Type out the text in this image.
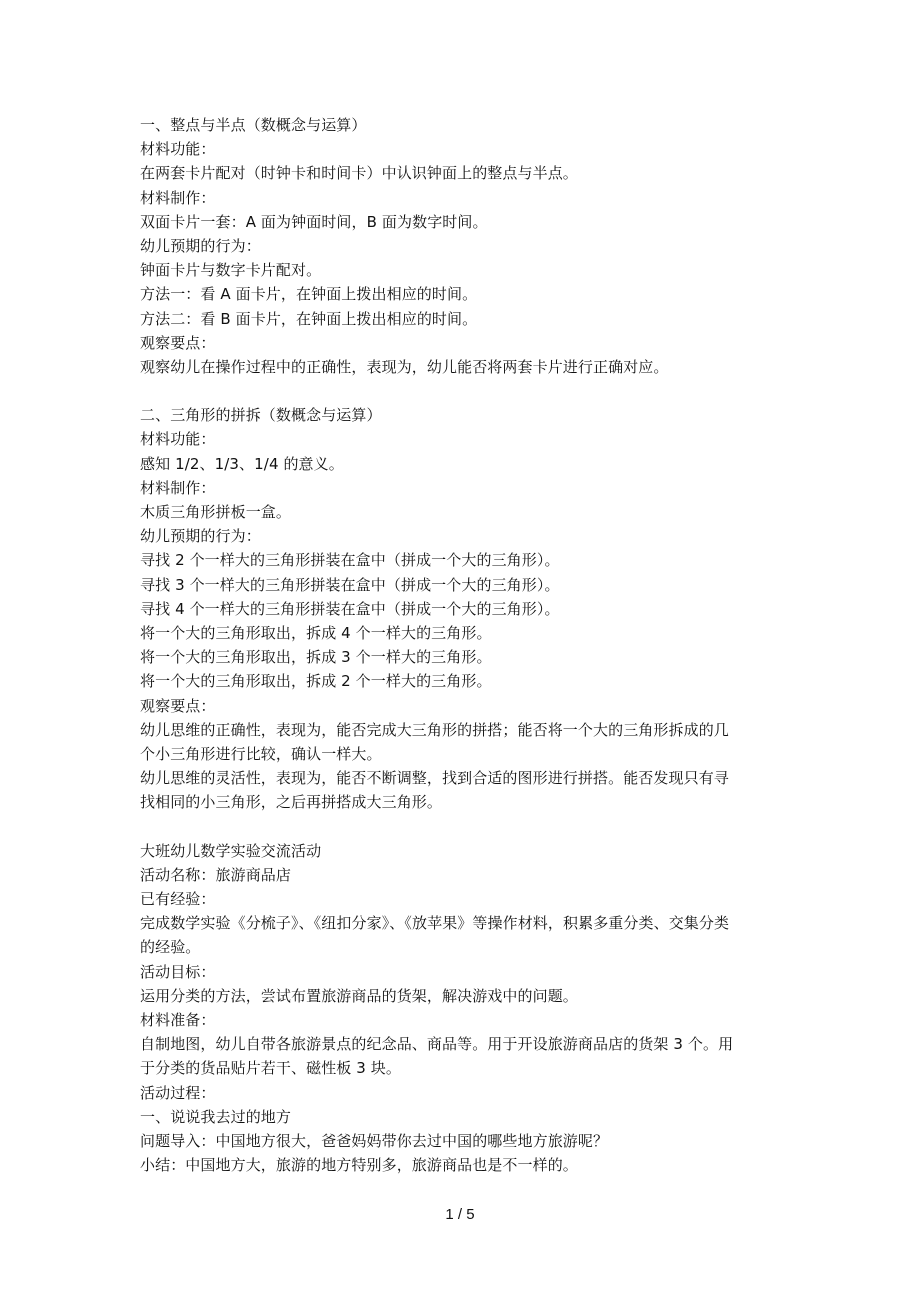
一、整点与半点（数概念与运算）
材料功能：
在两套卡片配对（时钟卡和时间卡）中认识钟面上的整点与半点。
材料制作：
双面卡片一套：A 面为钟面时间，B 面为数字时间。
幼儿预期的行为：
钟面卡片与数字卡片配对。
方法一：看 A 面卡片，在钟面上拨出相应的时间。
方法二：看 B 面卡片，在钟面上拨出相应的时间。
观察要点：
观察幼儿在操作过程中的正确性，表现为，幼儿能否将两套卡片进行正确对应。
二、三角形的拼拆（数概念与运算）
材料功能：
感知 1/2、1/3、1/4 的意义。
材料制作：
木质三角形拼板一盒。
幼儿预期的行为：
寻找 2 个一样大的三角形拼装在盒中（拼成一个大的三角形）。
寻找 3 个一样大的三角形拼装在盒中（拼成一个大的三角形）。
寻找 4 个一样大的三角形拼装在盒中（拼成一个大的三角形）。
将一个大的三角形取出，拆成 4 个一样大的三角形。
将一个大的三角形取出，拆成 3 个一样大的三角形。
将一个大的三角形取出，拆成 2 个一样大的三角形。
观察要点：
幼儿思维的正确性，表现为，能否完成大三角形的拼搭；能否将一个大的三角形拆成的几
个小三角形进行比较，确认一样大。
幼儿思维的灵活性，表现为，能否不断调整，找到合适的图形进行拼搭。能否发现只有寻
找相同的小三角形，之后再拼搭成大三角形。
大班幼儿数学实验交流活动
活动名称：旅游商品店
已有经验：
完成数学实验《分梳子》、《纽扣分家》、《放苹果》等操作材料，积累多重分类、交集分类
的经验。
活动目标：
运用分类的方法，尝试布置旅游商品的货架，解决游戏中的问题。
材料准备：
自制地图，幼儿自带各旅游景点的纪念品、商品等。用于开设旅游商品店的货架 3 个。用
于分类的货品贴片若干、磁性板 3 块。
活动过程：
一、说说我去过的地方
问题导入：中国地方很大，爸爸妈妈带你去过中国的哪些地方旅游呢？
小结：中国地方大，旅游的地方特别多，旅游商品也是不一样的。
1 / 5
